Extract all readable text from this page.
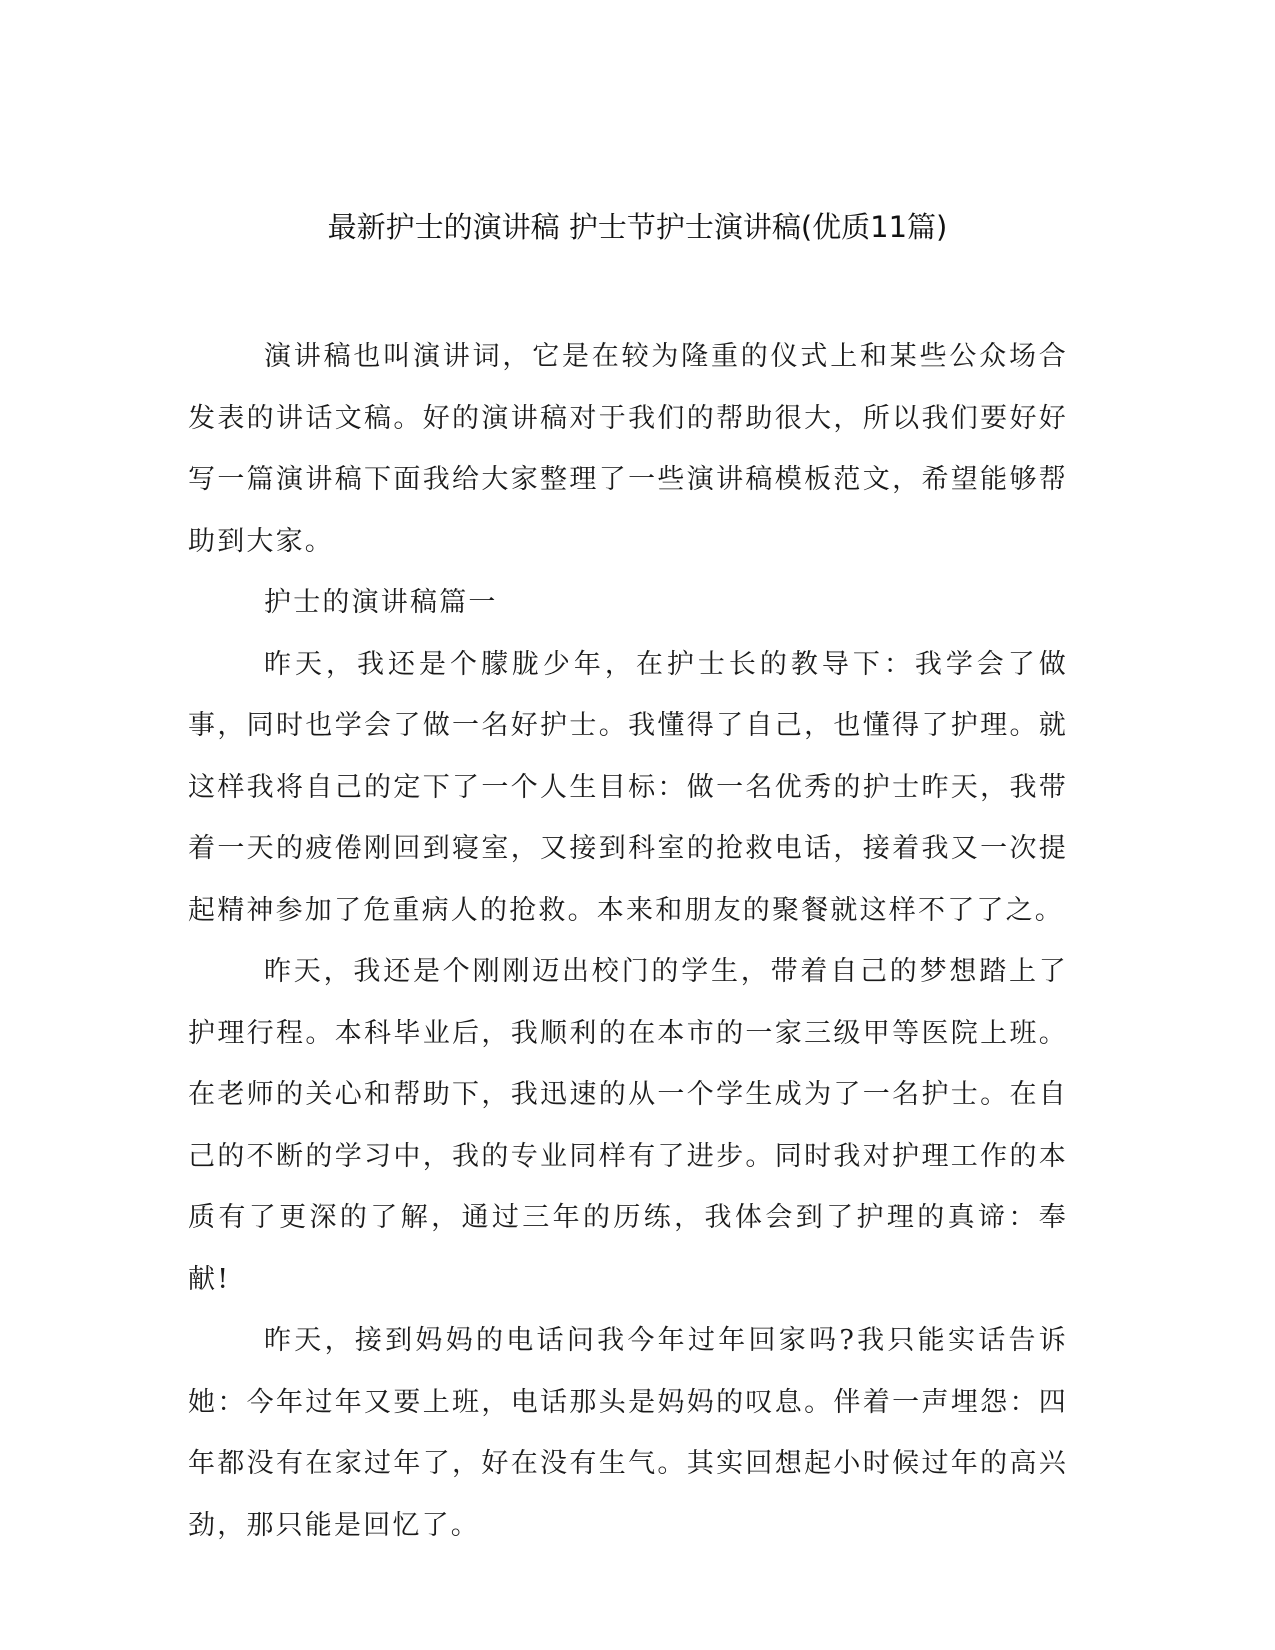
最新护士的演讲稿 护士节护士演讲稿(优质11篇)

演讲稿也叫演讲词，它是在较为隆重的仪式上和某些公众场合发表的讲话文稿。好的演讲稿对于我们的帮助很大，所以我们要好好写一篇演讲稿下面我给大家整理了一些演讲稿模板范文，希望能够帮助到大家。

护士的演讲稿篇一

昨天，我还是个朦胧少年，在护士长的教导下：我学会了做事，同时也学会了做一名好护士。我懂得了自己，也懂得了护理。就这样我将自己的定下了一个人生目标：做一名优秀的护士昨天，我带着一天的疲倦刚回到寝室，又接到科室的抢救电话，接着我又一次提起精神参加了危重病人的抢救。本来和朋友的聚餐就这样不了了之。

昨天，我还是个刚刚迈出校门的学生，带着自己的梦想踏上了护理行程。本科毕业后，我顺利的在本市的一家三级甲等医院上班。在老师的关心和帮助下，我迅速的从一个学生成为了一名护士。在自己的不断的学习中，我的专业同样有了进步。同时我对护理工作的本质有了更深的了解，通过三年的历练，我体会到了护理的真谛：奉献!

昨天，接到妈妈的电话问我今年过年回家吗?我只能实话告诉她：今年过年又要上班，电话那头是妈妈的叹息。伴着一声埋怨：四年都没有在家过年了，好在没有生气。其实回想起小时候过年的高兴劲，那只能是回忆了。
